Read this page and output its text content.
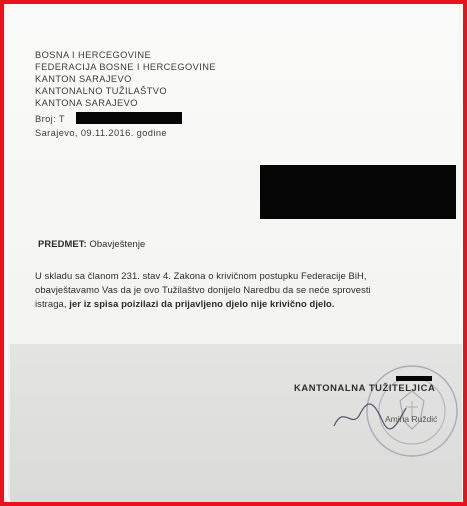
BOSNA I HERCEGOVINE
FEDERACIJA BOSNE I HERCEGOVINE
KANTON SARAJEVO
KANTONALNO TUŽILAŠTVO
KANTONA SARAJEVO
Broj: T
Sarajevo, 09.11.2016. godine
PREDMET: Obavještenje
U skladu sa članom 231. stav 4. Zakona o krivičnom postupku Federacije BiH,
obavještavamo Vas da je ovo Tužilaštvo donijelo Naredbu da se neće sprovesti
istraga, jer iz spisa poizilazi da prijavljeno djelo nije krivično djelo.
KANTONALNA TUŽITELJICA
Amina Ruždić
